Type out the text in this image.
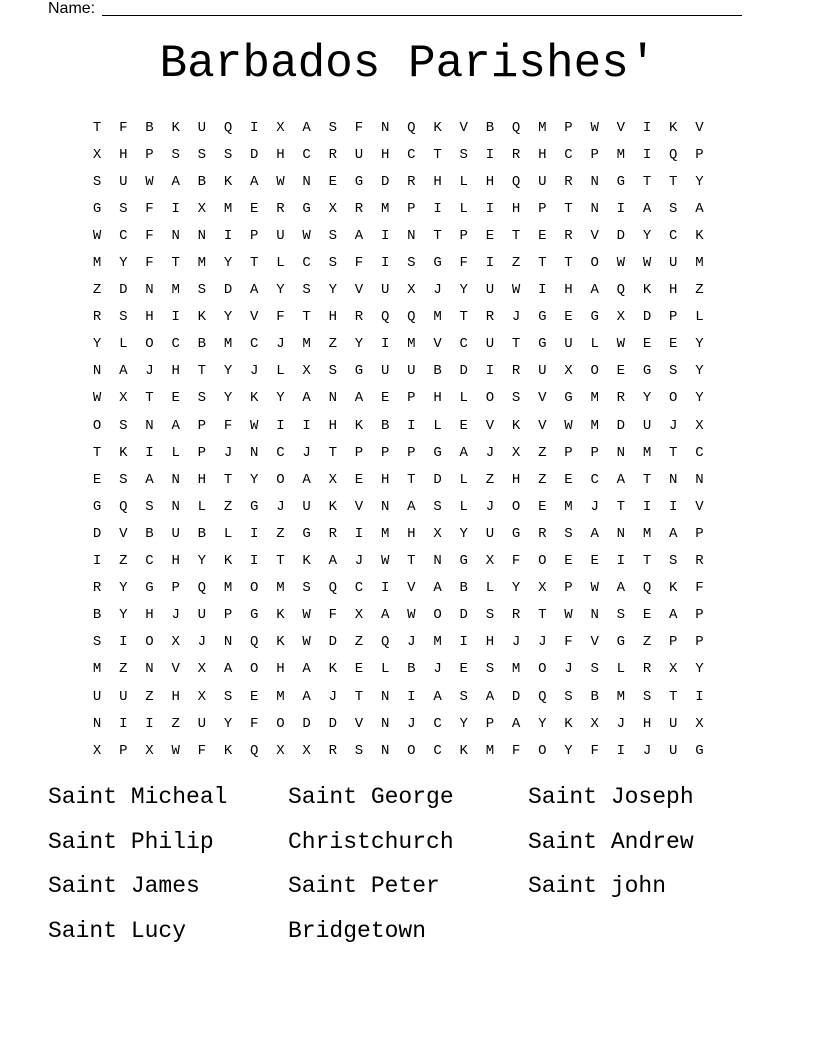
Name:
Barbados Parishes'
T	F	B	K	U	Q	I	X	A	S	F	N	Q	K	V	B	Q	M	P	W	V	I	K	V
X	H	P	S	S	S	D	H	C	R	U	H	C	T	S	I	R	H	C	P	M	I	Q	P
S	U	W	A	B	K	A	W	N	E	G	D	R	H	L	H	Q	U	R	N	G	T	T	Y
G	S	F	I	X	M	E	R	G	X	R	M	P	I	L	I	H	P	T	N	I	A	S	A
W	C	F	N	N	I	P	U	W	S	A	I	N	T	P	E	T	E	R	V	D	Y	C	K
M	Y	F	T	M	Y	T	L	C	S	F	I	S	G	F	I	Z	T	T	O	W	W	U	M
Z	D	N	M	S	D	A	Y	S	Y	V	U	X	J	Y	U	W	I	H	A	Q	K	H	Z
R	S	H	I	K	Y	V	F	T	H	R	Q	Q	M	T	R	J	G	E	G	X	D	P	L
Y	L	O	C	B	M	C	J	M	Z	Y	I	M	V	C	U	T	G	U	L	W	E	E	Y
N	A	J	H	T	Y	J	L	X	S	G	U	U	B	D	I	R	U	X	O	E	G	S	Y
W	X	T	E	S	Y	K	Y	A	N	A	E	P	H	L	O	S	V	G	M	R	Y	O	Y
O	S	N	A	P	F	W	I	I	H	K	B	I	L	E	V	K	V	W	M	D	U	J	X
T	K	I	L	P	J	N	C	J	T	P	P	P	G	A	J	X	Z	P	P	N	M	T	C
E	S	A	N	H	T	Y	O	A	X	E	H	T	D	L	Z	H	Z	E	C	A	T	N	N
G	Q	S	N	L	Z	G	J	U	K	V	N	A	S	L	J	O	E	M	J	T	I	I	V
D	V	B	U	B	L	I	Z	G	R	I	M	H	X	Y	U	G	R	S	A	N	M	A	P
I	Z	C	H	Y	K	I	T	K	A	J	W	T	N	G	X	F	O	E	E	I	T	S	R
R	Y	G	P	Q	M	O	M	S	Q	C	I	V	A	B	L	Y	X	P	W	A	Q	K	F
B	Y	H	J	U	P	G	K	W	F	X	A	W	O	D	S	R	T	W	N	S	E	A	P
S	I	O	X	J	N	Q	K	W	D	Z	Q	J	M	I	H	J	J	F	V	G	Z	P	P
M	Z	N	V	X	A	O	H	A	K	E	L	B	J	E	S	M	O	J	S	L	R	X	Y
U	U	Z	H	X	S	E	M	A	J	T	N	I	A	S	A	D	Q	S	B	M	S	T	I
N	I	I	Z	U	Y	F	O	D	D	V	N	J	C	Y	P	A	Y	K	X	J	H	U	X
X	P	X	W	F	K	Q	X	X	R	S	N	O	C	K	M	F	O	Y	F	I	J	U	G
Saint Micheal	Saint George	Saint Joseph
Saint Philip	Christchurch	Saint Andrew
Saint James	Saint Peter	Saint john
Saint Lucy	Bridgetown
